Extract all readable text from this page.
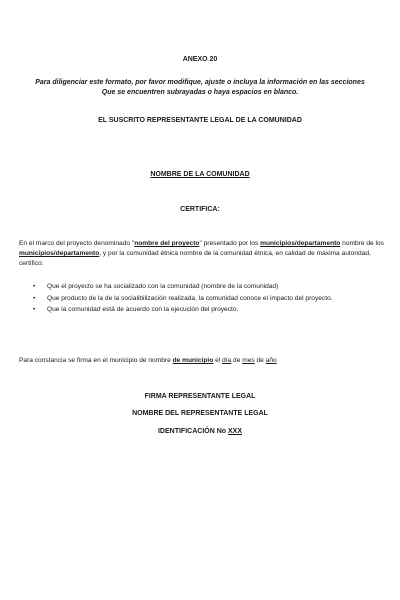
ANEXO 20
Para diligenciar este formato, por favor modifique, ajuste o incluya la información en las secciones
Que se encuentren subrayadas o haya espacios en blanco.
EL SUSCRITO REPRESENTANTE LEGAL DE LA COMUNIDAD
NOMBRE DE LA COMUNIDAD
CERTIFICA:
En el marco del proyecto denominado "nombre del proyecto" presentado por los municipios/departamento nombre de los municipios/departamento, y por la comunidad étnica nombre de la comunidad étnica, en calidad de máxima autoridad, certifico:
• Que el proyecto se ha socializado con la comunidad (nombre de la comunidad)
• Que producto de la de la socialibilización realizada, la comunidad conoce el impacto del proyecto.
• Que la comunidad está de acuerdo con la ejecución del proyecto.
Para constancia se firma en el municipio de nombre de municipio el día de mes de año
FIRMA REPRESENTANTE LEGAL
NOMBRE DEL REPRESENTANTE LEGAL
IDENTIFICACIÓN No XXX
